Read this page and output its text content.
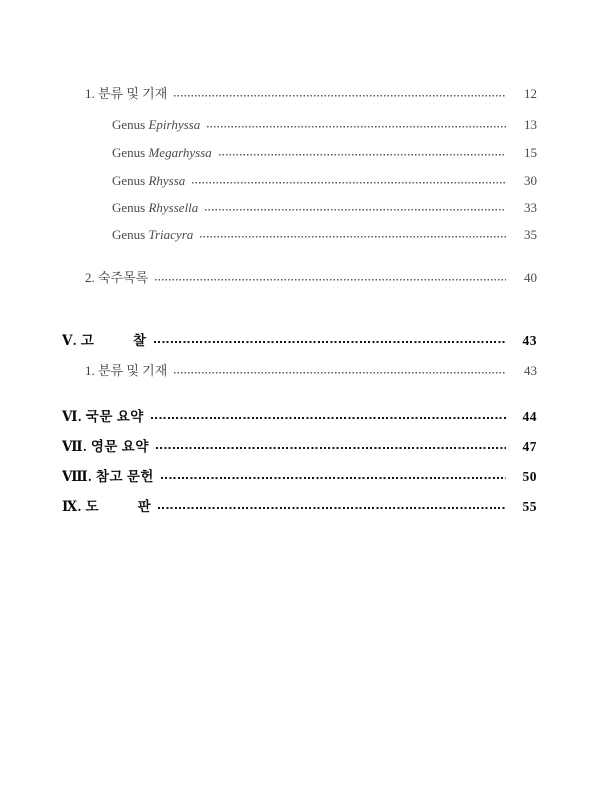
1. 분류 및 기재	12
Genus Epirhyssa	13
Genus Megarhyssa	15
Genus Rhyssa	30
Genus Rhyssella	33
Genus Triacyra	35
2. 숙주목록	40
Ⅴ. 고          찰	43
1. 분류 및 기재	43
Ⅵ. 국문 요약	44
Ⅶ. 영문 요약	47
Ⅷ. 참고 문헌	50
Ⅸ. 도          판	55
